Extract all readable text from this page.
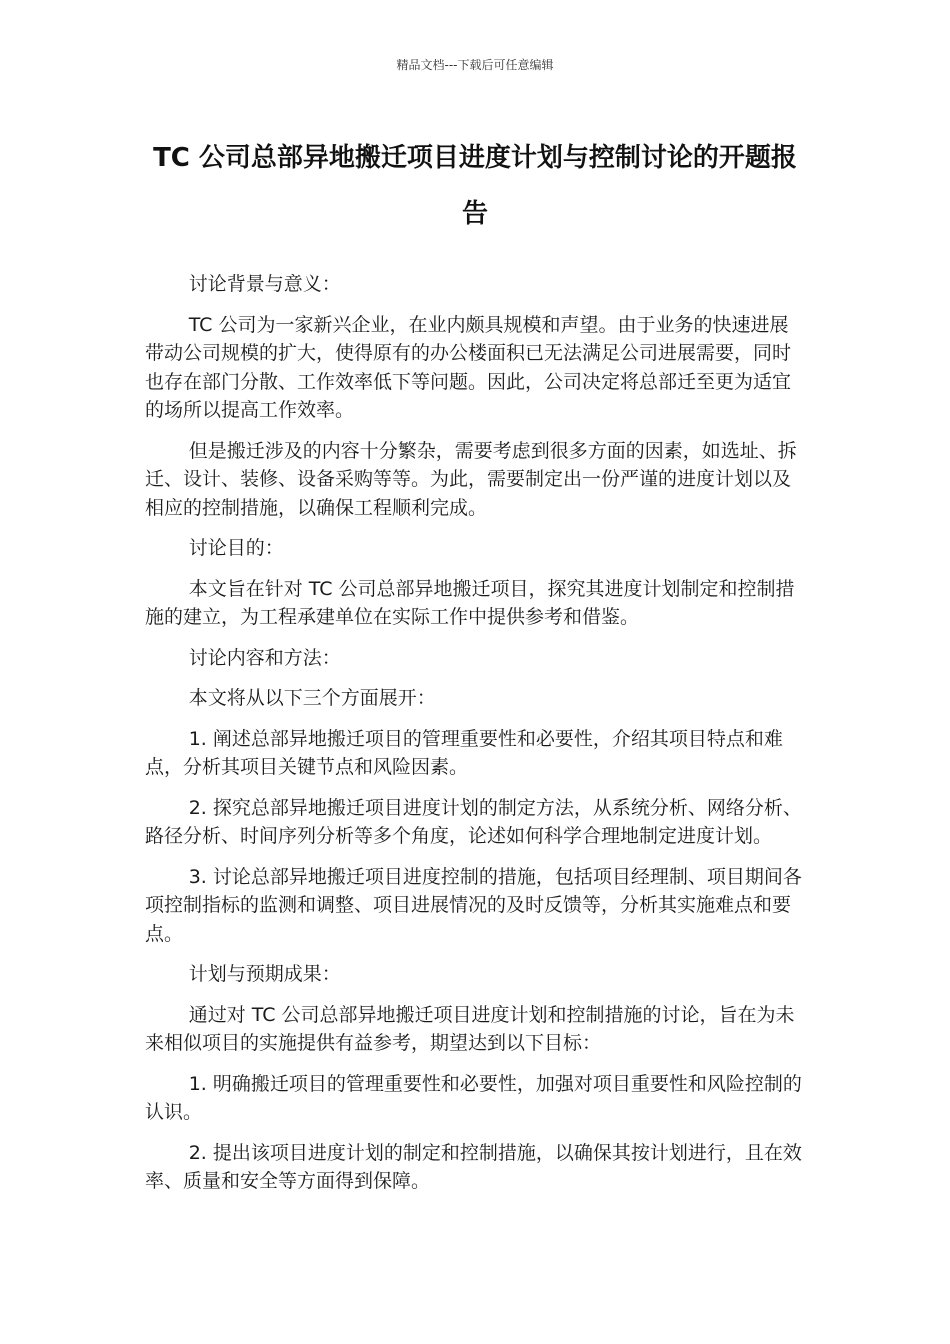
精品文档---下载后可任意编辑
TC 公司总部异地搬迁项目进度计划与控制讨论的开题报告

讨论背景与意义：

TC 公司为一家新兴企业，在业内颇具规模和声望。由于业务的快速进展带动公司规模的扩大，使得原有的办公楼面积已无法满足公司进展需要，同时也存在部门分散、工作效率低下等问题。因此，公司决定将总部迁至更为适宜的场所以提高工作效率。

但是搬迁涉及的内容十分繁杂，需要考虑到很多方面的因素，如选址、拆迁、设计、装修、设备采购等等。为此，需要制定出一份严谨的进度计划以及相应的控制措施，以确保工程顺利完成。

讨论目的：

本文旨在针对 TC 公司总部异地搬迁项目，探究其进度计划制定和控制措施的建立，为工程承建单位在实际工作中提供参考和借鉴。

讨论内容和方法：

本文将从以下三个方面展开：

1. 阐述总部异地搬迁项目的管理重要性和必要性，介绍其项目特点和难点，分析其项目关键节点和风险因素。

2. 探究总部异地搬迁项目进度计划的制定方法，从系统分析、网络分析、路径分析、时间序列分析等多个角度，论述如何科学合理地制定进度计划。

3. 讨论总部异地搬迁项目进度控制的措施，包括项目经理制、项目期间各项控制指标的监测和调整、项目进展情况的及时反馈等，分析其实施难点和要点。

计划与预期成果：

通过对 TC 公司总部异地搬迁项目进度计划和控制措施的讨论，旨在为未来相似项目的实施提供有益参考，期望达到以下目标：

1. 明确搬迁项目的管理重要性和必要性，加强对项目重要性和风险控制的认识。

2. 提出该项目进度计划的制定和控制措施，以确保其按计划进行，且在效率、质量和安全等方面得到保障。
